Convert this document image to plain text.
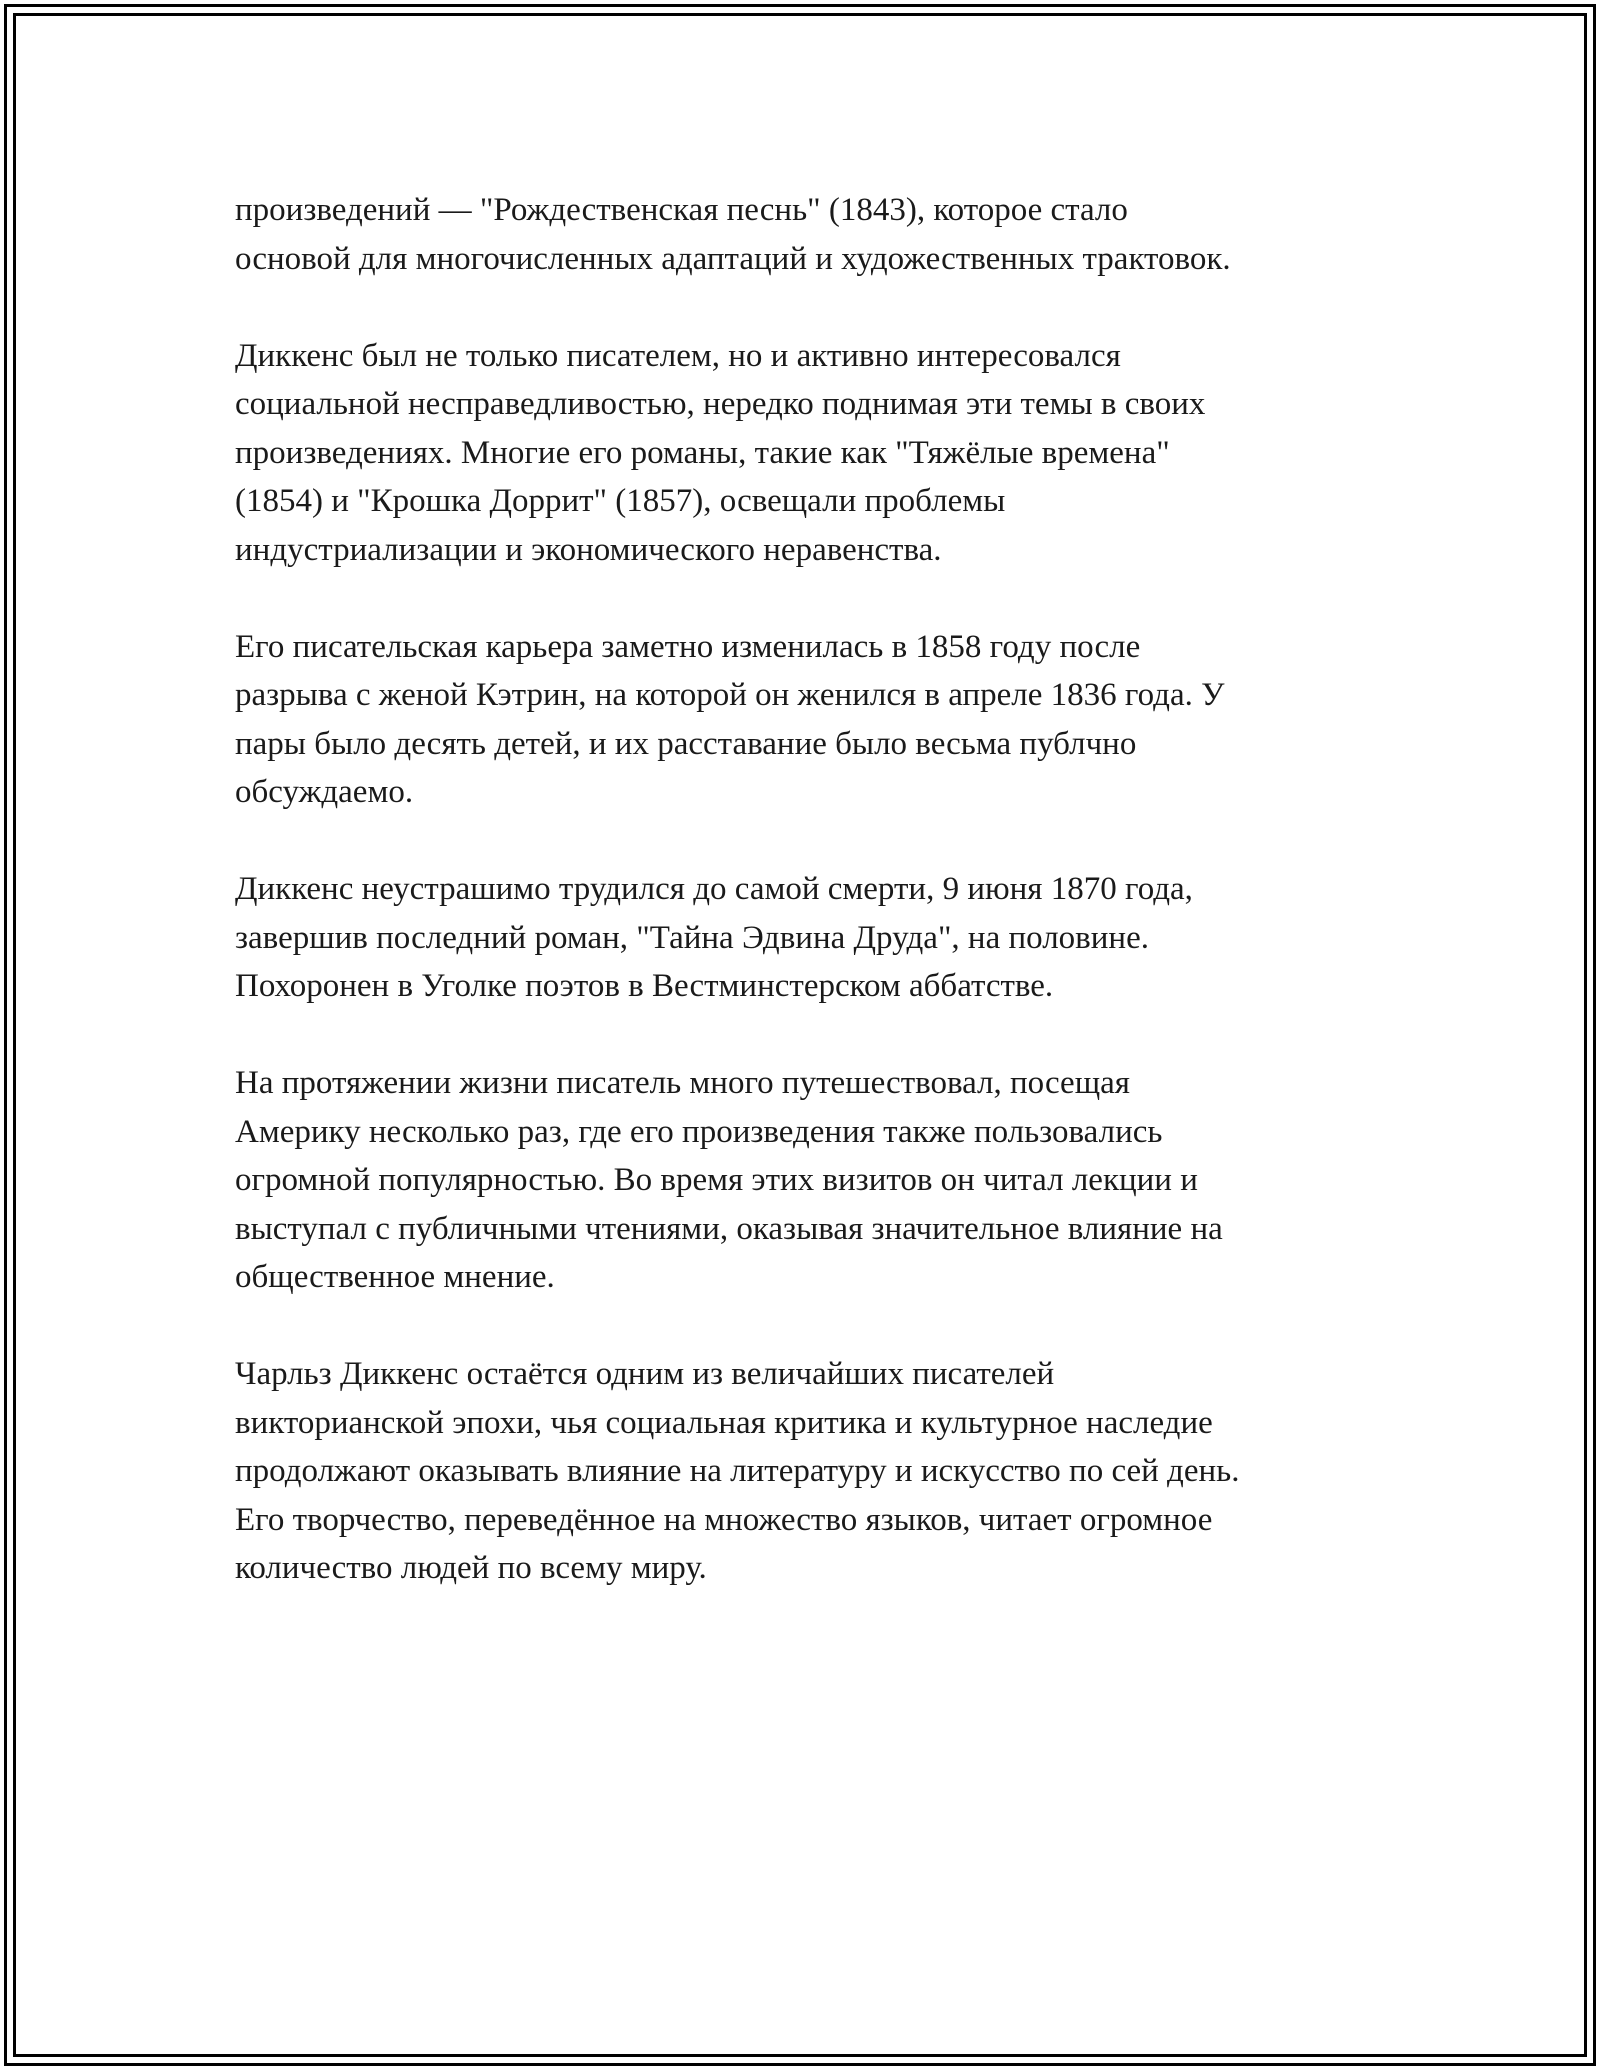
произведений — "Рождественская песнь" (1843), которое стало
основой для многочисленных адаптаций и художественных трактовок.

Диккенс был не только писателем, но и активно интересовался
социальной несправедливостью, нередко поднимая эти темы в своих
произведениях. Многие его романы, такие как "Тяжёлые времена"
(1854) и "Крошка Доррит" (1857), освещали проблемы
индустриализации и экономического неравенства.

Его писательская карьера заметно изменилась в 1858 году после
разрыва с женой Кэтрин, на которой он женился в апреле 1836 года. У
пары было десять детей, и их расставание было весьма публчно
обсуждаемо.

Диккенс неустрашимо трудился до самой смерти, 9 июня 1870 года,
завершив последний роман, "Тайна Эдвина Друда", на половине.
Похоронен в Уголке поэтов в Вестминстерском аббатстве.

На протяжении жизни писатель много путешествовал, посещая
Америку несколько раз, где его произведения также пользовались
огромной популярностью. Во время этих визитов он читал лекции и
выступал с публичными чтениями, оказывая значительное влияние на
общественное мнение.

Чарльз Диккенс остаётся одним из величайших писателей
викторианской эпохи, чья социальная критика и культурное наследие
продолжают оказывать влияние на литературу и искусство по сей день.
Его творчество, переведённое на множество языков, читает огромное
количество людей по всему миру.
